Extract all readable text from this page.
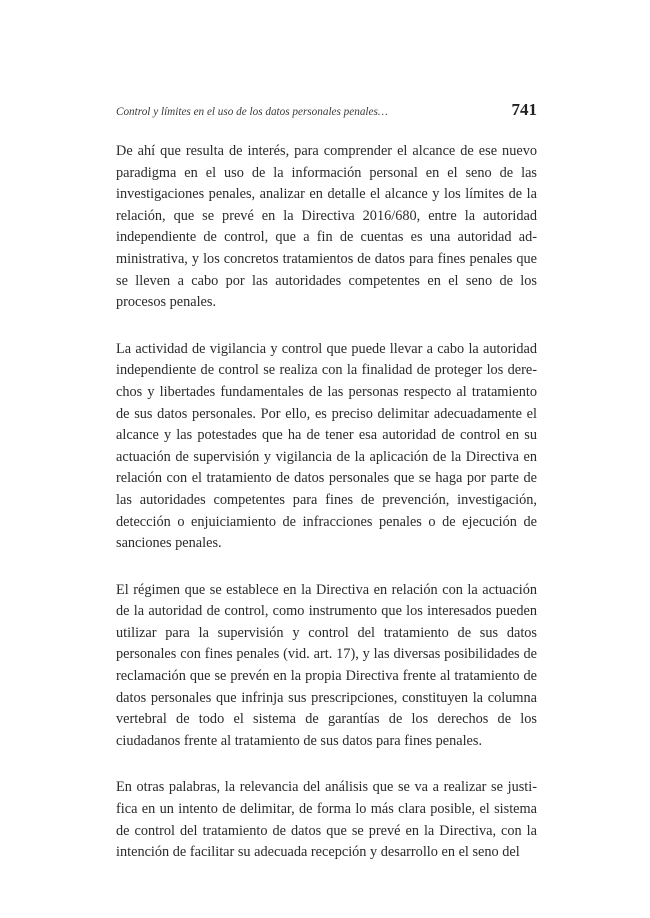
Control y límites en el uso de los datos personales penales…	741

De ahí que resulta de interés, para comprender el alcance de ese nuevo paradigma en el uso de la información personal en el seno de las investigaciones penales, analizar en detalle el alcance y los límites de la relación, que se prevé en la Directiva 2016/680, entre la autoridad independiente de control, que a fin de cuentas es una autoridad administrativa, y los concretos tratamientos de datos para fines penales que se lleven a cabo por las autoridades competentes en el seno de los procesos penales.

La actividad de vigilancia y control que puede llevar a cabo la autoridad independiente de control se realiza con la finalidad de proteger los derechos y libertades fundamentales de las personas respecto al tratamiento de sus datos personales. Por ello, es preciso delimitar adecuadamente el alcance y las potestades que ha de tener esa autoridad de control en su actuación de supervisión y vigilancia de la aplicación de la Directiva en relación con el tratamiento de datos personales que se haga por parte de las autoridades competentes para fines de prevención, investigación, detección o enjuiciamiento de infracciones penales o de ejecución de sanciones penales.

El régimen que se establece en la Directiva en relación con la actuación de la autoridad de control, como instrumento que los interesados pueden utilizar para la supervisión y control del tratamiento de sus datos personales con fines penales (vid. art. 17), y las diversas posibilidades de reclamación que se prevén en la propia Directiva frente al tratamiento de datos personales que infrinja sus prescripciones, constituyen la columna vertebral de todo el sistema de garantías de los derechos de los ciudadanos frente al tratamiento de sus datos para fines penales.

En otras palabras, la relevancia del análisis que se va a realizar se justifica en un intento de delimitar, de forma lo más clara posible, el sistema de control del tratamiento de datos que se prevé en la Directiva, con la intención de facilitar su adecuada recepción y desarrollo en el seno del
